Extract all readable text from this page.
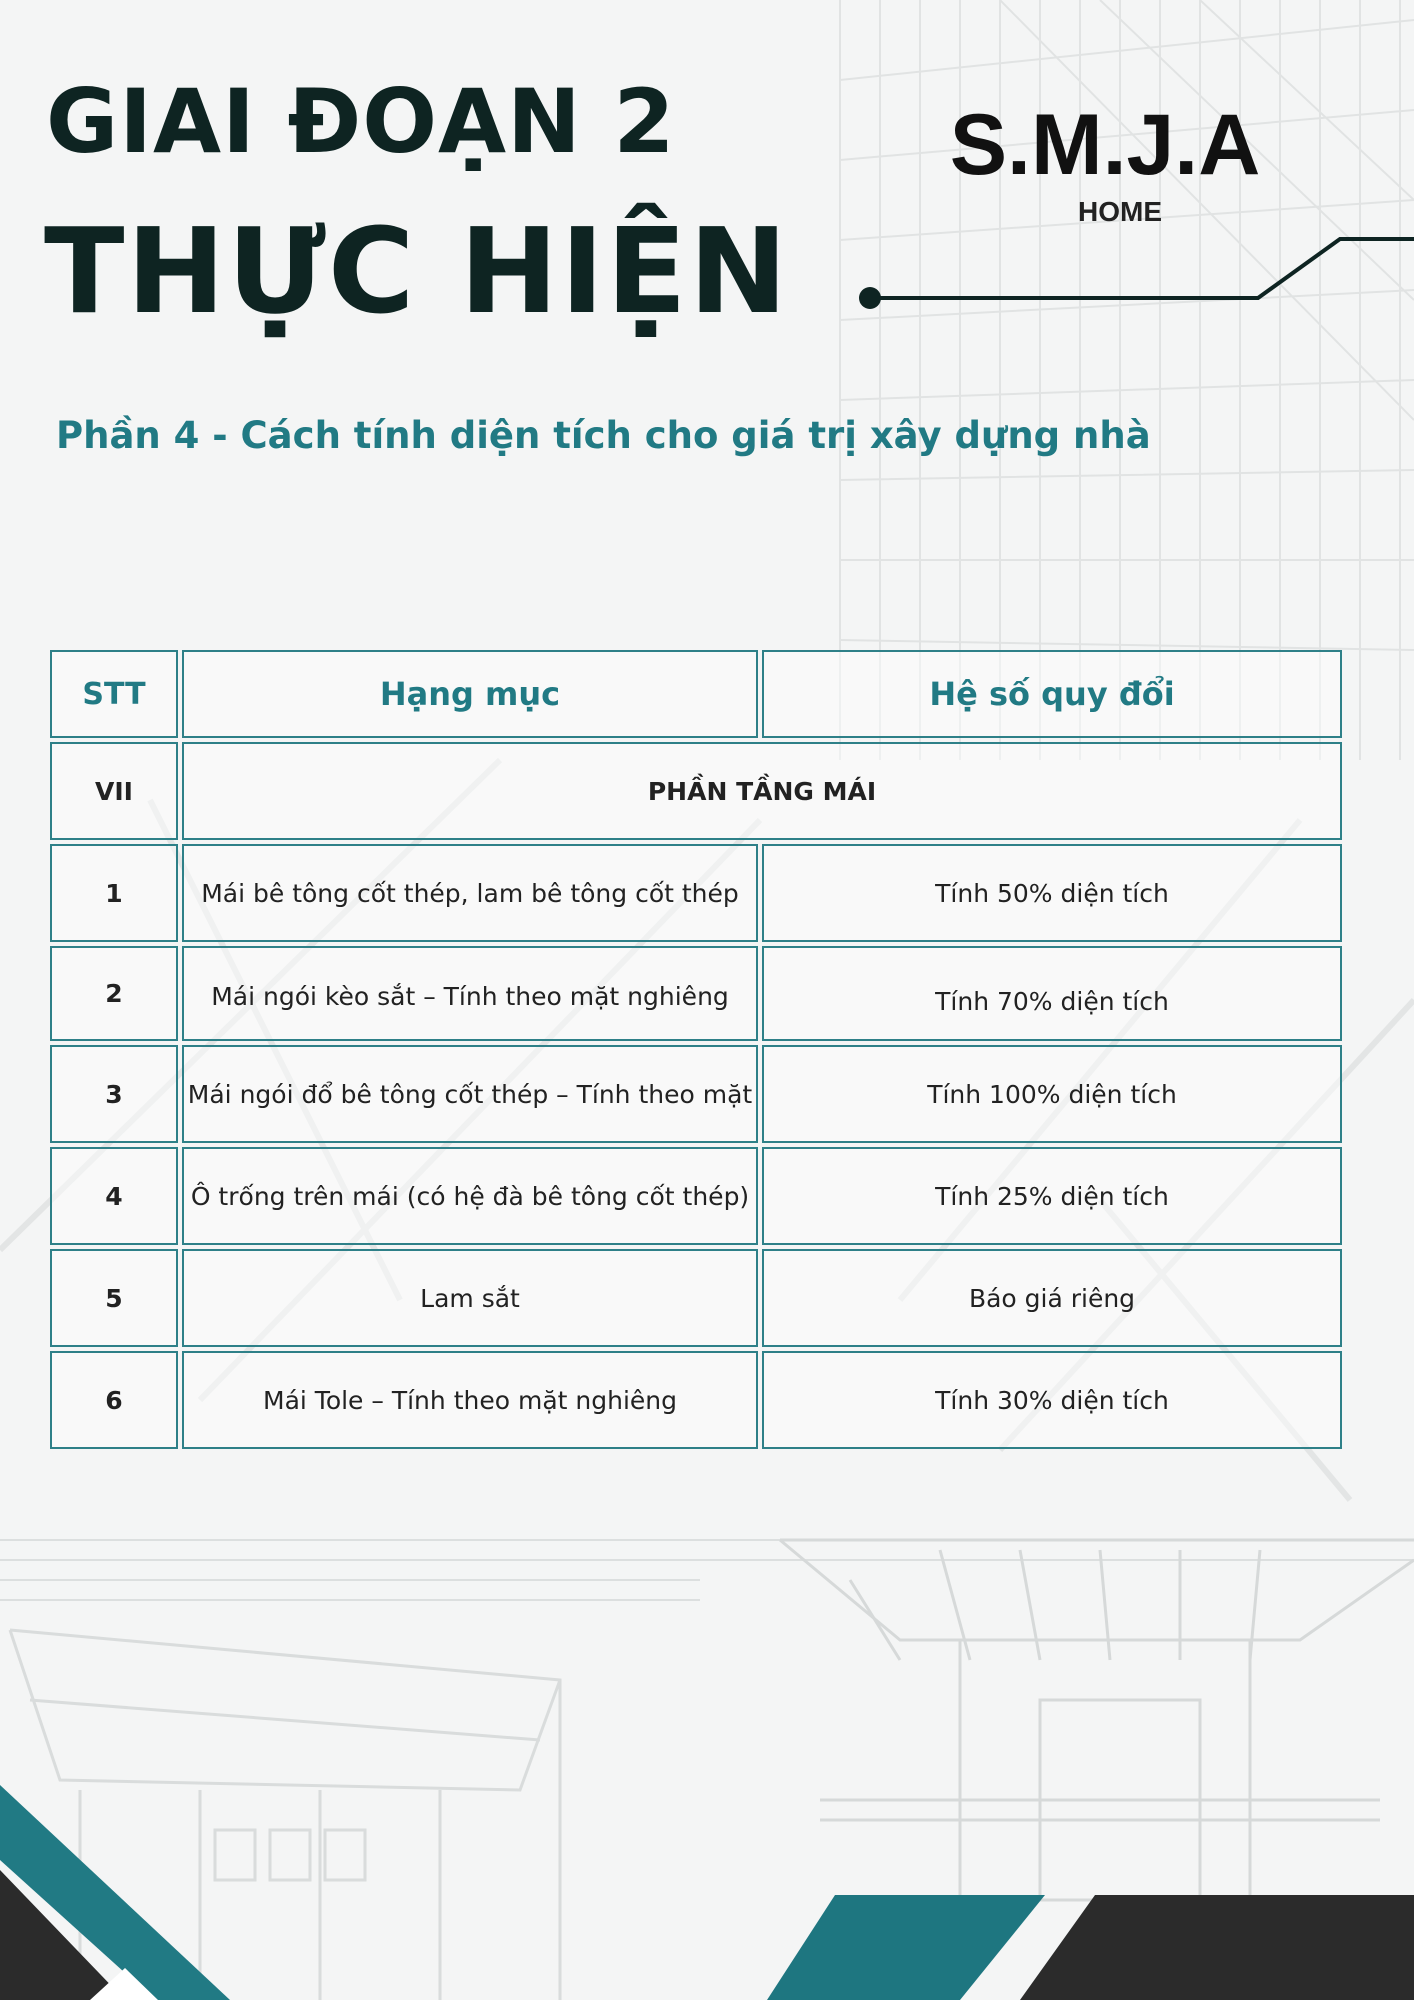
GIAI ĐOẠN 2
THỰC HIỆN
S.M.J.A
HOME
Phần 4 - Cách tính diện tích cho giá trị xây dựng nhà
STT	Hạng mục	Hệ số quy đổi
VII	PHẦN TẦNG MÁI	
1	Mái bê tông cốt thép, lam bê tông cốt thép	Tính 50% diện tích
2	Mái ngói kèo sắt – Tính theo mặt nghiêng	Tính 70% diện tích
3	Mái ngói đổ bê tông cốt thép – Tính theo mặt	Tính 100% diện tích
4	Ô trống trên mái (có hệ đà bê tông cốt thép)	Tính 25% diện tích
5	Lam sắt	Báo giá riêng
6	Mái Tole – Tính theo mặt nghiêng	Tính 30% diện tích
